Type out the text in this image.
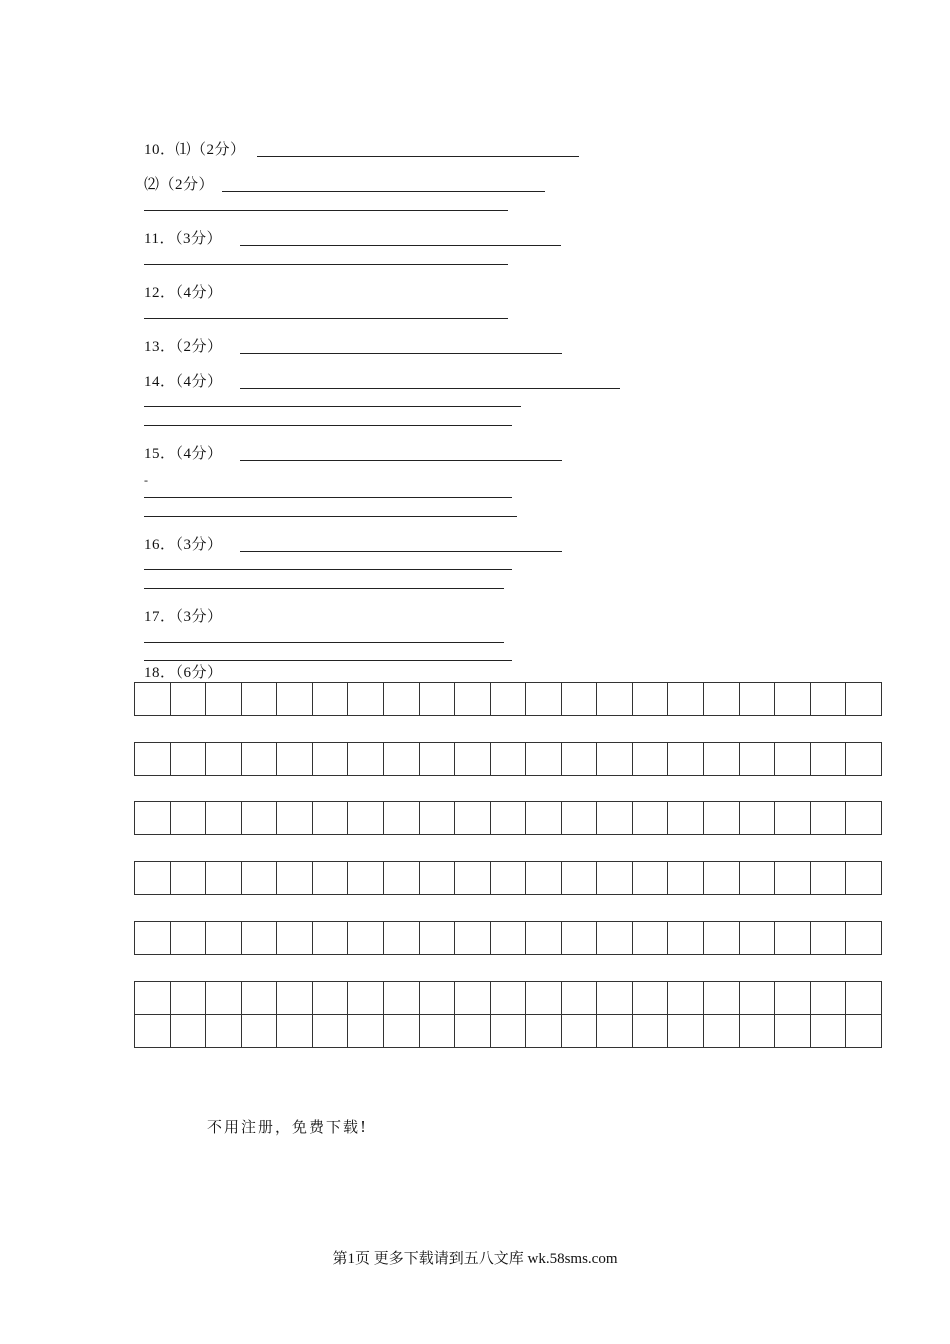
10．⑴（2分）
⑵（2分）
11．（3分）
12．（4分）
13．（2分）
14．（4分）
15．（4分）
-
16．（3分）
17．（3分）
18．（6分）

不用注册，免费下载!
第1页 更多下载请到五八文库 wk.58sms.com
